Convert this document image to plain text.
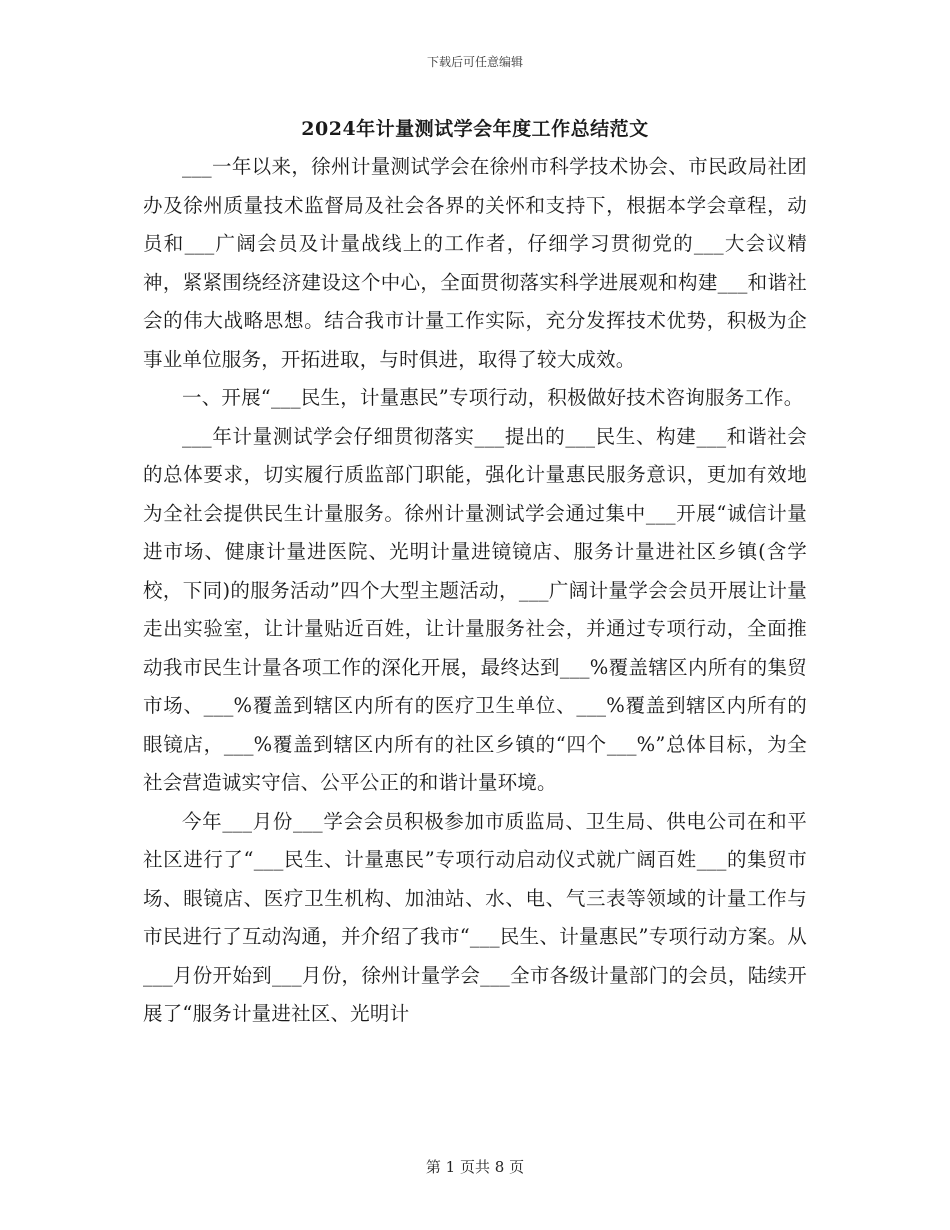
下载后可任意编辑
2024年计量测试学会年度工作总结范文

___一年以来，徐州计量测试学会在徐州市科学技术协会、市民政局社团办及徐州质量技术监督局及社会各界的关怀和支持下，根据本学会章程，动员和___广阔会员及计量战线上的工作者，仔细学习贯彻党的___大会议精神，紧紧围绕经济建设这个中心，全面贯彻落实科学进展观和构建___和谐社会的伟大战略思想。结合我市计量工作实际，充分发挥技术优势，积极为企事业单位服务，开拓进取，与时俱进，取得了较大成效。

一、开展“___民生，计量惠民”专项行动，积极做好技术咨询服务工作。

___年计量测试学会仔细贯彻落实___提出的___民生、构建___和谐社会的总体要求，切实履行质监部门职能，强化计量惠民服务意识，更加有效地为全社会提供民生计量服务。徐州计量测试学会通过集中___开展“诚信计量进市场、健康计量进医院、光明计量进镜镜店、服务计量进社区乡镇(含学校，下同)的服务活动”四个大型主题活动，___广阔计量学会会员开展让计量走出实验室，让计量贴近百姓，让计量服务社会，并通过专项行动，全面推动我市民生计量各项工作的深化开展，最终达到___%覆盖辖区内所有的集贸市场、___%覆盖到辖区内所有的医疗卫生单位、___%覆盖到辖区内所有的眼镜店，___%覆盖到辖区内所有的社区乡镇的“四个___%”总体目标，为全社会营造诚实守信、公平公正的和谐计量环境。

今年___月份___学会会员积极参加市质监局、卫生局、供电公司在和平社区进行了“___民生、计量惠民”专项行动启动仪式就广阔百姓___的集贸市场、眼镜店、医疗卫生机构、加油站、水、电、气三表等领域的计量工作与市民进行了互动沟通，并介绍了我市“___民生、计量惠民”专项行动方案。从___月份开始到___月份，徐州计量学会___全市各级计量部门的会员，陆续开展了“服务计量进社区、光明计

第 1 页共 8 页
